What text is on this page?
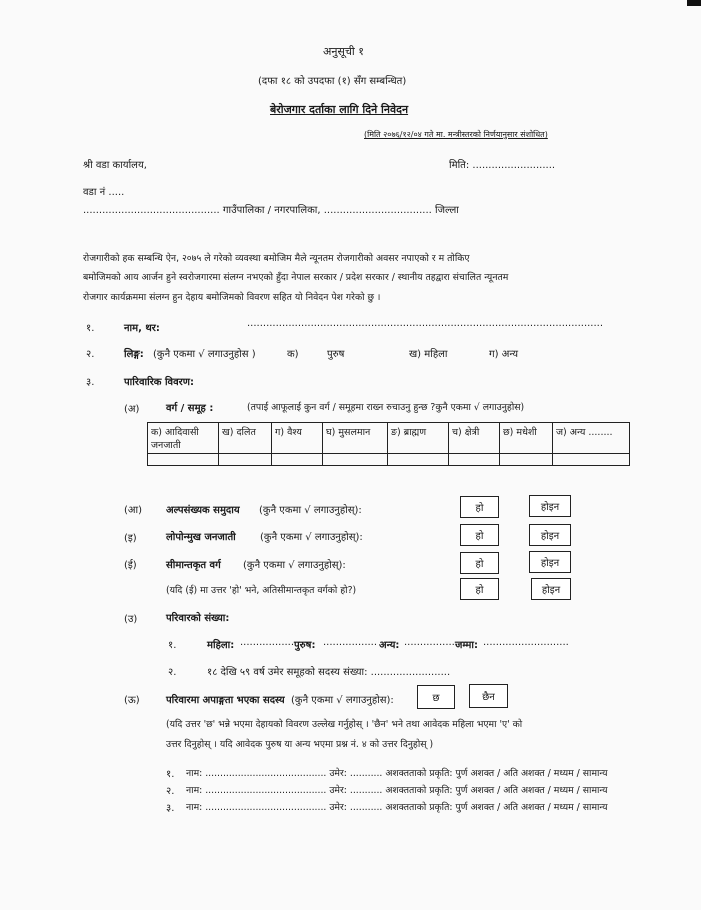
अनुसूची १
(दफा १८ को उपदफा (१) सँग सम्बन्धित)
बेरोजगार दर्ताका लागि दिने निवेदन
(मिति २०७६/१२/०४ गते मा. मन्त्रीस्तरको निर्णयानुसार संशोधित)
श्री वडा कार्यालय,	मिति: ..........................
वडा नं .....
........................................... गाउँपालिका / नगरपालिका, .................................. जिल्ला
रोजगारीको हक सम्बन्धि ऐन, २०७५ ले गरेको व्यवस्था बमोजिम मैले न्यूनतम रोजगारीको अवसर नपाएको र म तोकिए
बमोजिमको आय आर्जन हुने स्वरोजगारमा संलग्न नभएको हुँदा नेपाल सरकार / प्रदेश सरकार / स्थानीय तहद्वारा संचालित न्यूनतम
रोजगार कार्यक्रममा संलग्न हुन देहाय बमोजिमको विवरण सहित यो निवेदन पेश गरेको छु ।
१.	नाम, थर:	................................................................................................................
२.	लिङ्ग: (कुनै एकमा √ लगाउनुहोस )	क)	पुरुष	ख) महिला	ग) अन्य
३.	पारिवारिक विवरण:
(अ)	वर्ग / समूह :	(तपाई आफूलाई कुन वर्ग / समूहमा राख्न रुचाउनु हुन्छ ?कुनै एकमा √ लगाउनुहोस)
क) आदिवासी जनजाती	ख) दलित	ग) वैश्य	घ) मुसलमान	ङ) ब्राह्मण	च) क्षेत्री	छ) मधेशी	ज) अन्य ........

(आ) अल्पसंख्यक समुदाय (कुनै एकमा √ लगाउनुहोस्):	हो	होइन
(इ)	लोपोन्मुख जनजाती (कुनै एकमा √ लगाउनुहोस्):	हो	होइन
(ई)	सीमान्तकृत वर्ग (कुनै एकमा √ लगाउनुहोस्):	हो	होइन
(यदि (ई) मा उत्तर 'हो' भने, अतिसीमान्तकृत वर्गको हो?)	हो	होइन
(उ)	परिवारको संख्या:
१.	महिला: ................. पुरुष: ................. अन्य: .................
जम्मा: ...........................
२.	१८ देखि ५९ वर्ष उमेर समूहको सदस्य संख्या: .........................
(ऊ)	परिवारमा अपाङ्गता भएका सदस्य (कुनै एकमा √ लगाउनुहोस):	छ	छैन
(यदि उत्तर 'छ' भन्ने भएमा देहायको विवरण उल्लेख गर्नुहोस् । 'छैन' भने तथा आवेदक महिला भएमा 'ए' को
उत्तर दिनुहोस् । यदि आवेदक पुरुष या अन्य भएमा प्रश्न नं. ४ को उत्तर दिनुहोस् )
१. नाम: ......................................... उमेर: ........... अशक्तताको प्रकृति: पुर्ण अशक्त / अति अशक्त / मध्यम / सामान्य
२. नाम: ......................................... उमेर: ........... अशक्तताको प्रकृति: पुर्ण अशक्त / अति अशक्त / मध्यम / सामान्य
३. नाम: ......................................... उमेर: ........... अशक्तताको प्रकृति: पुर्ण अशक्त / अति अशक्त / मध्यम / सामान्य
